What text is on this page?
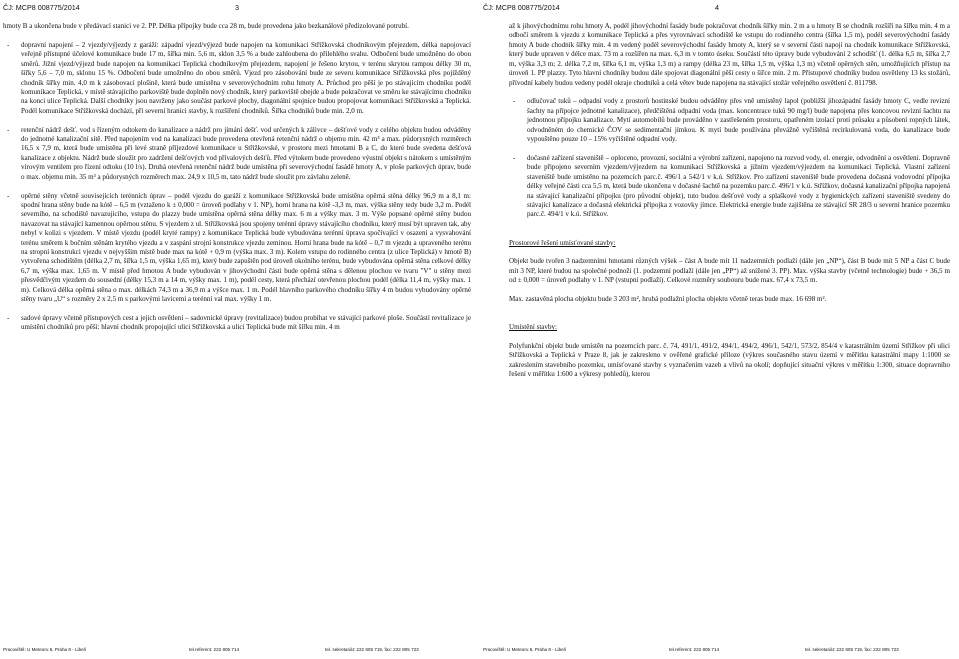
ČJ: MCP8 008775/2014	3

hmoty B a ukončena bude v předávací stanici ve 2. PP. Délka přípojky bude cca 28 m, bude provedena jako bezkanálové předizolované potrubí.

- dopravní napojení – 2 vjezdy/výjezdy z garáží: západní vjezd/výjezd bude napojen na komunikaci Střížkovská chodníkovým přejezdem, délka napojovací veřejně přístupné účelové komunikace bude 17 m, šířka min. 5,6 m, sklon 3,5 % a bude zahloubena do přilehlého svahu. Odbočení bude umožněno do obou směrů. Jižní vjezd/výjezd bude napojen na komunikaci Teplická chodníkovým přejezdem, napojení je řešeno krytou, v terénu skrytou rampou délky 30 m, šířky 5,6 – 7,0 m, sklonu 15 %. Odbočení bude umožněno do obou směrů. Vjezd pro zásobování bude ze severu komunikace Střížkovská přes pojížděný chodník šířky min. 4,0 m k zásobovací plošině, která bude umístěna v severovýchodním rohu hmoty A. Průchod pro pěší je po stávajícím chodníku podél komunikace Teplická, v místě stávajícího parkoviště bude doplněn nový chodník, který parkoviště obejde a bude pokračovat ve směru ke stávajícímu chodníku na konci ulice Teplická. Další chodníky jsou navrženy jako součást parkové plochy, diagonální spojnice budou propojovat komunikaci Střížkovská a Teplická. Podél komunikace Střížkovská dochází, při severní hranici stavby, k rozšíření chodníků. Šířka chodníků bude min. 2,0 m.

- retenční nádrž dešť. vod s řízeným odtokem do kanalizace a nádrž pro jímání dešť. vod určených k zálivce – dešťové vody z celého objektu budou odváděny do jednotné kanalizační sítě. Před napojením vod na kanalizaci bude provedena otevřená retenční nádrž o objemu min. 42 m³ a max. půdorysných rozměrech 16,5 x 7,9 m, která bude umístěna při levé straně příjezdové komunikace u Střížkovské, v prostoru mezi hmotami B a C, do které bude svedena dešťová kanalizace z objektu. Nádrž bude sloužit pro zadržení dešťových vod přívalových dešťů. Před výtokem bude provedeno výustní objekt s nátokem s umístěným vírovým ventilem pro řízení odtoku (10 l/s). Druhá otevřená retenční nádrž bude umístěna při severovýchodní fasádě hmoty A, v ploše parkových úprav, bude o max. objemu min. 35 m³ a půdorysných rozměrech max. 24,9 x 10,5 m, tato nádrž bude sloužit pro závlahu zeleně.

- opěrné stěny včetně souvisejících terénních úprav – podél vjezdu do garáží z komunikace Střížkovská bude umístěna opěrná stěna délky 96,9 m a 8,1 m: spodní hrana stěny bude na kótě – 6,5 m (vztaženo k ± 0,000 = úroveň podlahy v 1. NP), horní hrana na kótě -3,3 m, max. výška stěny tedy bude 3,2 m. Podél severního, na schodiště navazujícího, vstupu do plazzy bude umístěna opěrná stěna délky max. 6 m a výšky max. 3 m. Výše popsané opěrné stěny budou navazovat na stávající kamennou opěrnou stěnu. S vjezdem z ul. Střížkovská jsou spojeny terénní úpravy stávajícího chodníku, který musí být upraven tak, aby nebyl v kolizi s vjezdem. V místě vjezdu (podél kryté rampy) z komunikace Teplická bude vybudována terénní úprava spočívající v osazení a vysvahování terénu směrem k bočním stěnám krytého vjezdu a v zaspání strojní konstrukce vjezdu zeminou. Horní hrana bude na kótě – 0,7 m vjezdu a upraveného terénu na stropní konstrukci vjezdu v nejvyšším místě bude max na kótě + 0,9 m (výška max. 3 m). Kolem vstupu do rodinného centra (z ulice Teplická) v hmotě B) vytvořena schodištěm (délka 2,7 m, šířka 1,5 m, výška 1,65 m), který bude zapuštěn pod úroveň okolního terénu, bude vybudována opěrná stěna celkové délky 6,7 m, výška max. 1,65 m. V místě před hmotou A bude vybudován v jihovýchodní části bude opěrná stěna s dělenou plochou ve tvaru "V" u stěny mezi přesvědčivým vjezdem do sousední (délky 15,3 m a 14 m, výšky max. 1 m), podél cesty, která přechází otevřenou plochou podél (délka 11,4 m, výšky max. 1 m). Celková délka opěrná stěna o max. délkách 74,3 m a 36,9 m a výšce max. 1 m. Podél hlavního parkového chodníku šířky 4 m budou vybudovány opěrné stěny tvaru „U“ s rozměry 2 x 2,5 m s parkovými lavicemi a terénní val max. výšky 1 m.

- sadové úpravy včetně přístupových cest a jejich osvětlení – sadovnické úpravy (revitalizace) budou probíhat ve stávající parkové ploše. Součástí revitalizace je umístění chodníků pro pěší: hlavní chodník propojující ulici Střížkovská a ulici Teplická bude mít šířku min. 4 m

Pracoviště: U Meteoru 6, Praha 8 - Libeň	tel.referent: 222 805 714	tel. sekretariát: 222 805 719, fax: 222 805 723
ČJ: MCP8 008775/2014	4

až k jihovýchodnímu rohu hmoty A, podél jihovýchodní fasády bude pokračovat chodník šířky min. 2 m a u hmoty B se chodník rozšíří na šířku min. 4 m a odbočí směrem k vjezdu z komunikace Teplická a přes vyrovnávací schodiště ke vstupu do rodinného centra (šířka 1,5 m), podél severovýchodní fasády hmoty A bude chodník šířky min. 4 m vedený podél severovýchodní fasády hmoty A, který se v severní části napojí na chodník komunikace Střížkovská, který bude upraven v délce max. 73 m a rozšířen na max. 6,3 m v tomto úseku. Součástí této úpravy bude vybudování 2 schodišť (1. délka 6,5 m, šířka 2,7 m, výška 3,3 m; 2. délka 7,2 m, šířka 6,1 m, výška 1,3 m) a rampy (délka 23 m, šířka 1,5 m, výška 1,3 m) včetně opěrných stěn, umožňujících přístup na úroveň 1. PP plazzy. Tyto hlavní chodníky budou dále spojovat diagonální pěší cesty o šířce min. 2 m. Přístupové chodníky budou osvětleny 13 ks stožárů, přívodní kabely budou vedeny podél okraje chodníků a celá větev bude napojena na stávající stožár veřejného osvětlení č. 811798.

- odlučovač tuků – odpadní vody z prostorů hostinské budou odváděny přes vně umístěný lapol (pobližší jihozápadní fasády hmoty C, vedle revizní šachty na přípojce jednotné kanalizace), předčištěná odpadní voda (max. koncentrace tuků 90 mg/l) bude napojena přes koncovou revizní šachtu na jednotnou přípojku kanalizace. Mytí automobilů bude prováděno v zastřešeném prostoru, opatřeném izolací proti průsaku a působení ropných látek, odvodněném do chemické ČOV se sedimentační jímkou. K mytí bude používána převážně vyčištěná recirkulovaná voda, do kanalizace bude vypouštěno pouze 10 – 15% vyčištěné odpadní vody.

- dočasné zařízení staveniště – oploceno, provozní, sociální a výrobní zařízení, napojeno na rozvod vody, el. energie, odvodnění a osvětlení. Dopravně bude připojeno severním vjezdem/výjezdem na komunikaci Střížkovská a jižním vjezdem/výjezdem na komunikaci Teplická. Vlastní zařízení staveniště bude umístěno na pozemcích parc.č. 496/1 a 542/1 v k.ú. Střížkov. Pro zařízení staveniště bude provedena dočasná vodovodní přípojka délky veřejné části cca 5,5 m, která bude ukončena v dočasné šachtě na pozemku parc.č. 496/1 v k.ú. Střížkov, dočasná kanalizační přípojka napojená na stávající kanalizační přípojku (pro původní objekt), tuto budou dešťové vody a splaškové vody z hygienických zařízení staveniště svedeny do stávající kanalizace a dočasná elektrická přípojka z vozovky jímce. Elektrická energie bude zajištěna ze stávající SR 28/3 u severní hranice pozemku parc.č. 494/1 v k.ú. Střížkov.

Prostorové řešení umísťované stavby:

Objekt bude tvořen 3 nadzemními hmotami různých výšek – část A bude mít 11 nadzemních podlaží (dále jen „NP“), část B bude mít 5 NP a část C bude mít 3 NP, které budou na společné podnoži (1. podzemní podlaží (dále jen „PP“) až snížené 3. PP). Max. výška stavby (včetně technologie) bude + 36,5 m od ± 0,000 = úroveň podlahy v 1. NP (vstupní podlaží). Celkové rozměry soubouru bude max. 67,4 x 73,5 m.

Max. zastavěná plocha objektu bude 3 203 m², hrubá podlažní plocha objektu včetně teras bude max. 16 698 m².

Umístění stavby:

Polyfunkční objekt bude umístěn na pozemcích parc. č. 74, 491/1, 491/2, 494/1, 494/2, 496/1, 542/1, 573/2, 854/4 v katastrálním území Střížkov při ulici Střížkovská a Teplická v Praze 8, jak je zakresleno v ověřené grafické příloze (výkres současného stavu území v měřítku katastrální mapy 1:1000 se zakreslením stavebního pozemku, umísťované stavby s vyznačením vazeb a vlivů na okolí; dopňující situační výkres v měřítku 1:300, situace dopravního řešení v měřítku 1:600 a výkresy pohledů), kterou

Pracoviště: U Meteoru 6, Praha 8 - Libeň	tel.referent: 222 805 714	tel. sekretariát: 222 805 719, fax: 222 805 723
